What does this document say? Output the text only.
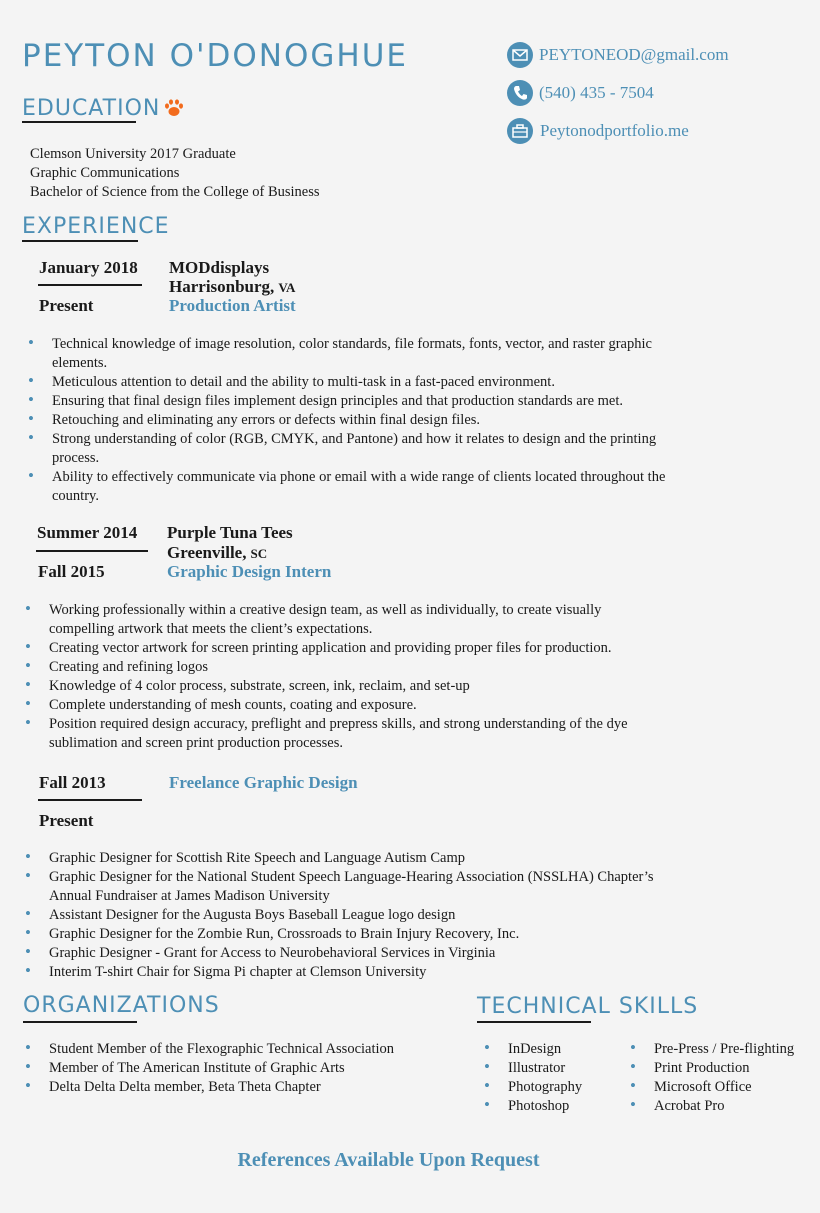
PEYTON O'DONOGHUE	PEYTONEOD@gmail.com
(540) 435 - 7504
Peytonodportfolio.me
EDUCATION
Clemson University 2017 Graduate
Graphic Communications
Bachelor of Science from the College of Business
EXPERIENCE
January 2018
Present
MODdisplays
Harrisonburg, VA
Production Artist
• Technical knowledge of image resolution, color standards, file formats, fonts, vector, and raster graphic elements.
• Meticulous attention to detail and the ability to multi-task in a fast-paced environment.
• Ensuring that final design files implement design principles and that production standards are met.
• Retouching and eliminating any errors or defects within final design files.
• Strong understanding of color (RGB, CMYK, and Pantone) and how it relates to design and the printing process.
• Ability to effectively communicate via phone or email with a wide range of clients located throughout the country.
Summer 2014
Fall 2015
Purple Tuna Tees
Greenville, SC
Graphic Design Intern
• Working professionally within a creative design team, as well as individually, to create visually compelling artwork that meets the client’s expectations.
• Creating vector artwork for screen printing application and providing proper files for production.
• Creating and refining logos
• Knowledge of 4 color process, substrate, screen, ink, reclaim, and set-up
• Complete understanding of mesh counts, coating and exposure.
• Position required design accuracy, preflight and prepress skills, and strong understanding of the dye sublimation and screen print production processes.
Fall 2013
Present
Freelance Graphic Design
• Graphic Designer for Scottish Rite Speech and Language Autism Camp
• Graphic Designer for the National Student Speech Language-Hearing Association (NSSLHA) Chapter’s Annual Fundraiser at James Madison University
• Assistant Designer for the Augusta Boys Baseball League logo design
• Graphic Designer for the Zombie Run, Crossroads to Brain Injury Recovery, Inc.
• Graphic Designer - Grant for Access to Neurobehavioral Services in Virginia
• Interim T-shirt Chair for Sigma Pi chapter at Clemson University
ORGANIZATIONS
• Student Member of the Flexographic Technical Association
• Member of The American Institute of Graphic Arts
• Delta Delta Delta member, Beta Theta Chapter
TECHNICAL SKILLS
• InDesign
• Illustrator
• Photography
• Photoshop
• Pre-Press / Pre-flighting
• Print Production
• Microsoft Office
• Acrobat Pro
References Available Upon Request
